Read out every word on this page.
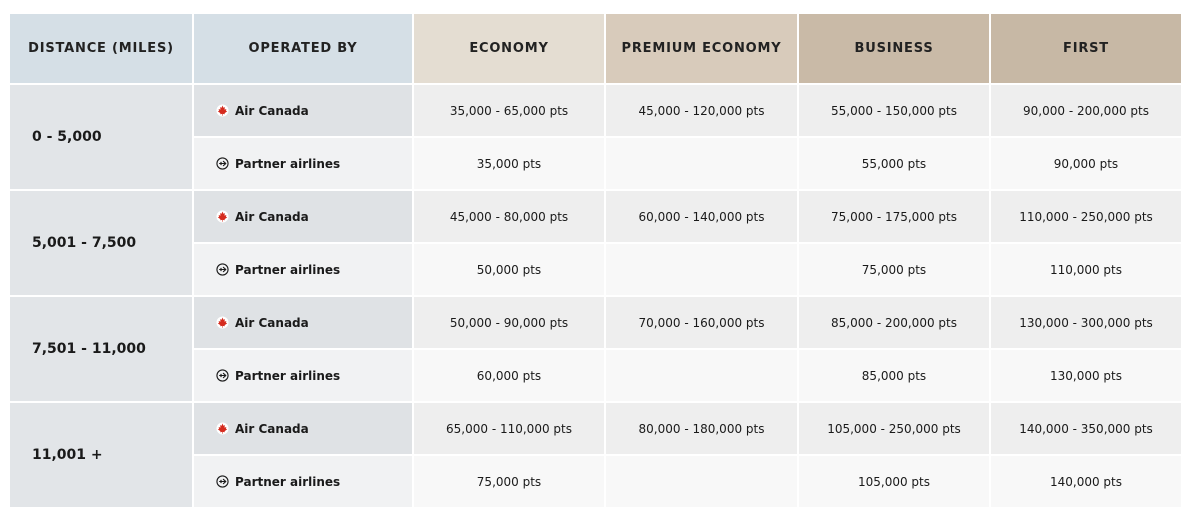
DISTANCE (MILES)	OPERATED BY	ECONOMY	PREMIUM ECONOMY	BUSINESS	FIRST
0 - 5,000	Air Canada	35,000 - 65,000 pts	45,000 - 120,000 pts	55,000 - 150,000 pts	90,000 - 200,000 pts
	Partner airlines	35,000 pts		55,000 pts	90,000 pts
5,001 - 7,500	Air Canada	45,000 - 80,000 pts	60,000 - 140,000 pts	75,000 - 175,000 pts	110,000 - 250,000 pts
	Partner airlines	50,000 pts		75,000 pts	110,000 pts
7,501 - 11,000	Air Canada	50,000 - 90,000 pts	70,000 - 160,000 pts	85,000 - 200,000 pts	130,000 - 300,000 pts
	Partner airlines	60,000 pts		85,000 pts	130,000 pts
11,001 +	Air Canada	65,000 - 110,000 pts	80,000 - 180,000 pts	105,000 - 250,000 pts	140,000 - 350,000 pts
	Partner airlines	75,000 pts		105,000 pts	140,000 pts
